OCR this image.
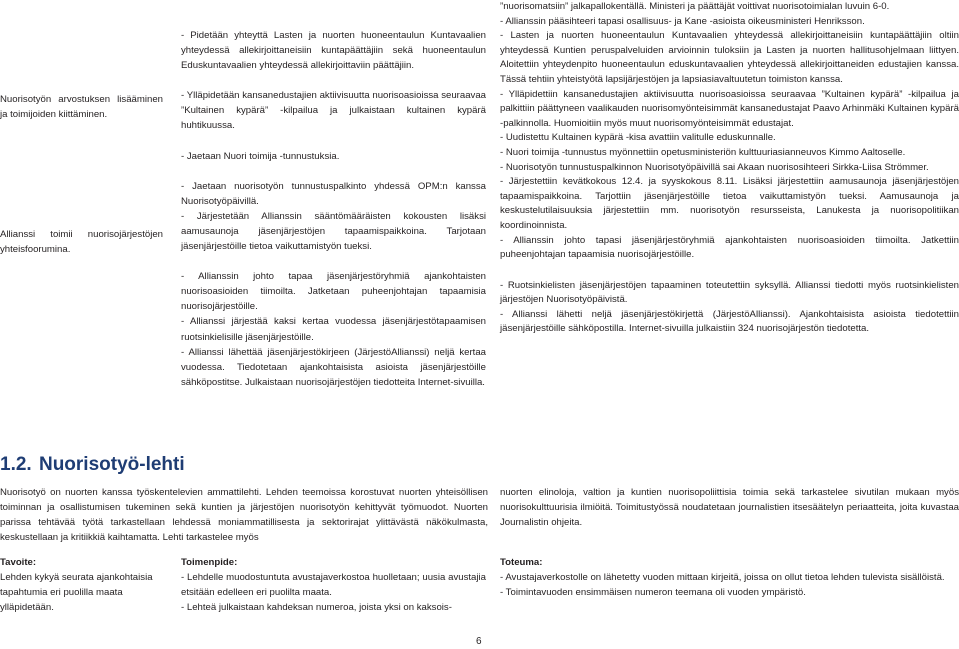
Nuorisotyön arvostuksen lisääminen ja toimijoiden kiittäminen.

Allianssi toimii nuorisojärjestöjen yhteisfoorumina.

- Pidetään yhteyttä Lasten ja nuorten huoneentaulun Kuntavaalien yhteydessä allekirjoittaneisiin kuntapäättäjiin sekä huoneentaulun Eduskuntavaalien yhteydessä allekirjoittaviin päättäjiin.

- Ylläpidetään kansanedustajien aktiivisuutta nuorisoasioissa seuraavaa ”Kultainen kypärä” -kilpailua ja julkaistaan kultainen kypärä huhtikuussa.

- Jaetaan Nuori toimija -tunnustuksia.

- Jaetaan nuorisotyön tunnustuspalkinto yhdessä OPM:n kanssa Nuorisotyöpäivillä.

- Järjestetään Allianssin sääntömääräisten kokousten lisäksi aamusaunoja jäsenjärjestöjen tapaamispaikkoina. Tarjotaan jäsenjärjestöille tietoa vaikuttamistyön tueksi.

- Allianssin johto tapaa jäsenjärjestöryhmiä ajankohtaisten nuorisoasioiden tiimoilta. Jatketaan puheenjohtajan tapaamisia nuorisojärjestöille.

- Allianssi järjestää kaksi kertaa vuodessa jäsenjärjestötapaamisen ruotsinkielisille jäsenjärjestöille.

- Allianssi lähettää jäsenjärjestökirjeen (JärjestöAllianssi) neljä kertaa vuodessa. Tiedotetaan ajankohtaisista asioista jäsenjärjestöille sähköpostitse. Julkaistaan nuorisojärjestöjen tiedotteita Internet-sivuilla.

”nuorisomatsiin” jalkapallokentällä. Ministeri ja päättäjät voittivat nuorisotoimialan luvuin 6-0.

- Allianssin pääsihteeri tapasi osallisuus- ja Kane -asioista oikeusministeri Henriksson.

- Lasten ja nuorten huoneentaulun Kuntavaalien yhteydessä allekirjoittaneisiin kuntapäättäjiin oltiin yhteydessä Kuntien peruspalveluiden arvioinnin tuloksiin ja Lasten ja nuorten hallitusohjelmaan liittyen. Aloitettiin yhteydenpito huoneentaulun eduskuntavaalien yhteydessä allekirjoittaneiden edustajien kanssa. Tässä tehtiin yhteistyötä lapsijärjestöjen ja lapsiasiavaltuutetun toimiston kanssa.

- Ylläpidettiin kansanedustajien aktiivisuutta nuorisoasioissa seuraavaa ”Kultainen kypärä” -kilpailua ja palkittiin päättyneen vaalikauden nuorisomyönteisimmät kansanedustajat Paavo Arhinmäki Kultainen kypärä -palkinnolla. Huomioitiin myös muut nuorisomyönteisimmät edustajat.

- Uudistettu Kultainen kypärä -kisa avattiin valitulle eduskunnalle.

- Nuori toimija -tunnustus myönnettiin opetusministeriön kulttuuriasianneuvos Kimmo Aaltoselle.

- Nuorisotyön tunnustuspalkinnon Nuorisotyöpäivillä sai Akaan nuorisosihteeri Sirkka-Liisa Strömmer.

- Järjestettiin kevätkokous 12.4. ja syyskokous 8.11. Lisäksi järjestettiin aamusaunoja jäsenjärjestöjen tapaamispaikkoina. Tarjottiin jäsenjärjestöille tietoa vaikuttamistyön tueksi. Aamusaunoja ja keskustelutilaisuuksia järjestettiin mm. nuorisotyön resursseista, Lanukesta ja nuorisopolitiikan koordinoinnista.

- Allianssin johto tapasi jäsenjärjestöryhmiä ajankohtaisten nuorisoasioiden tiimoilta. Jatkettiin puheenjohtajan tapaamisia nuorisojärjestöille.

- Ruotsinkielisten jäsenjärjestöjen tapaaminen toteutettiin syksyllä. Allianssi tiedotti myös ruotsinkielisten järjestöjen Nuorisotyöpäivistä.

- Allianssi lähetti neljä jäsenjärjestökirjettä (JärjestöAllianssi). Ajankohtaisista asioista tiedotettiin jäsenjärjestöille sähköpostilla. Internet-sivuilla julkaistiin 324 nuorisojärjestön tiedotetta.

1.2. Nuorisotyö-lehti

Nuorisotyö on nuorten kanssa työskentelevien ammattilehti. Lehden teemoissa korostuvat nuorten yhteisöllisen toiminnan ja osallistumisen tukeminen sekä kuntien ja järjestöjen nuorisotyön kehittyvät työmuodot. Nuorten parissa tehtävää työtä tarkastellaan lehdessä moniammatillisesta ja sektorirajat ylittävästä näkökulmasta, keskustellaan ja kritiikkiä kaihtamatta. Lehti tarkastelee myös

nuorten elinoloja, valtion ja kuntien nuorisopoliittisia toimia sekä tarkastelee sivutilan mukaan myös nuorisokulttuurisia ilmiöitä. Toimitustyössä noudatetaan journalistien itsesäätelyn periaatteita, joita kuvastaa Journalistin ohjeita.

Tavoite:

Lehden kykyä seurata ajankohtaisia tapahtumia eri puolilla maata ylläpidetään.

Toimenpide:

- Lehdelle muodostuntuta avustajaverkostoa huolletaan; uusia avustajia etsitään edelleen eri puolilta maata.

- Lehteä julkaistaan kahdeksan numeroa, joista yksi on kaksois-

Toteuma:

- Avustajaverkostolle on lähetetty vuoden mittaan kirjeitä, joissa on ollut tietoa lehden tulevista sisällöistä.

- Toimintavuoden ensimmäisen numeron teemana oli vuoden ympäristö.

6
